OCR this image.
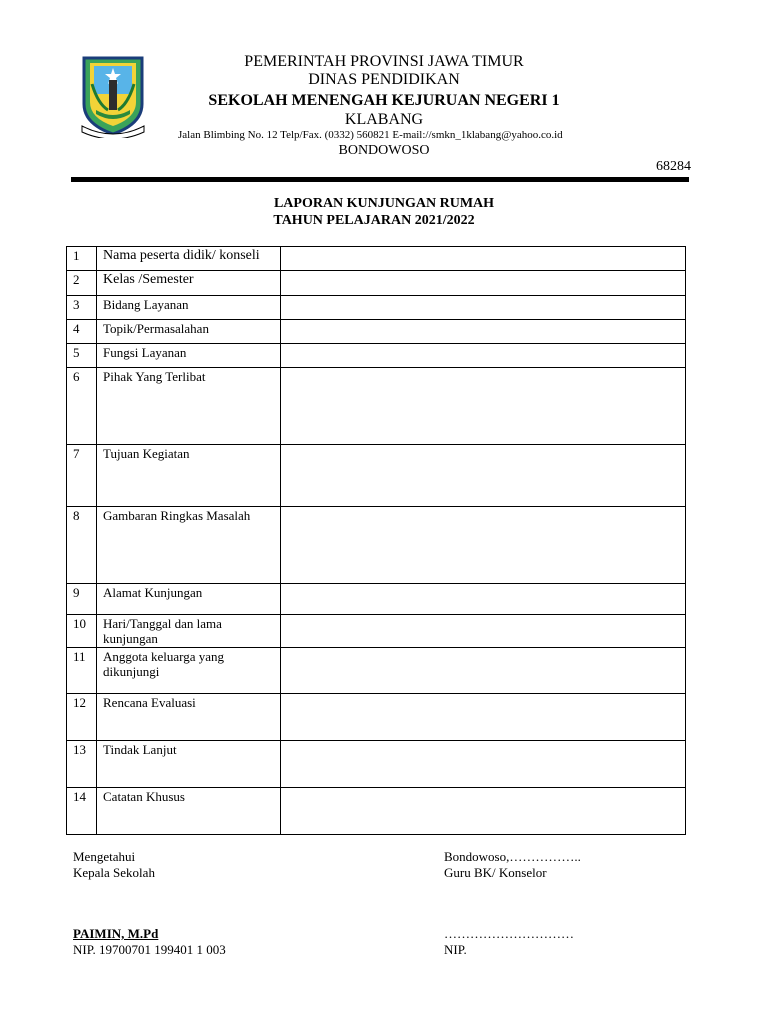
PEMERINTAH PROVINSI JAWA TIMUR
DINAS PENDIDIKAN
SEKOLAH MENENGAH KEJURUAN NEGERI 1
KLABANG
Jalan Blimbing No. 12 Telp/Fax. (0332) 560821 E-mail://smkn_1klabang@yahoo.co.id
BONDOWOSO
68284
LAPORAN KUNJUNGAN RUMAH
TAHUN PELAJARAN 2021/2022
1	Nama peserta didik/ konseli	
2	Kelas /Semester	
3	Bidang Layanan	
4	Topik/Permasalahan	
5	Fungsi Layanan	
6	Pihak Yang Terlibat	
7	Tujuan Kegiatan	
8	Gambaran Ringkas Masalah	
9	Alamat Kunjungan	
10	Hari/Tanggal dan lama kunjungan	
11	Anggota keluarga yang dikunjungi	
12	Rencana Evaluasi	
13	Tindak Lanjut	
14	Catatan Khusus	
Mengetahui
Kepala Sekolah
PAIMIN, M.Pd
NIP. 19700701 199401 1 003
Bondowoso,……………..
Guru BK/ Konselor
…………………………
NIP.
